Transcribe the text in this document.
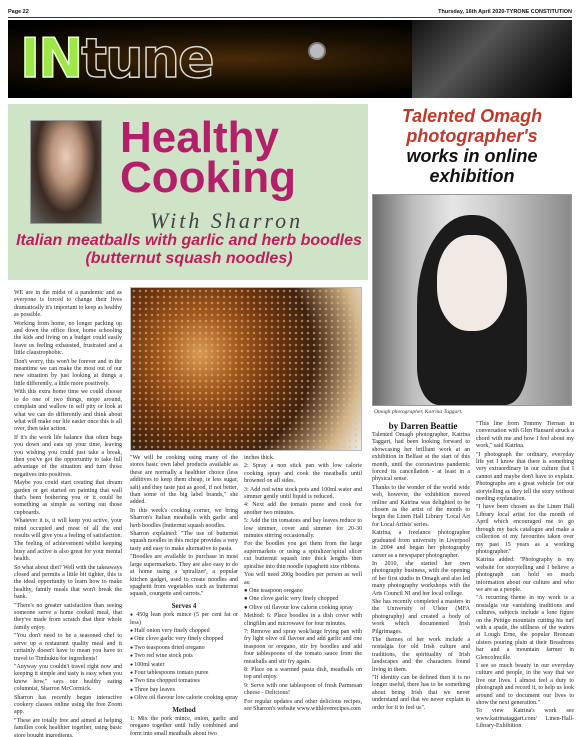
Page 22	Thursday, 16th April 2020-TYRONE CONSTITUTION
INtune
Healthy
Cooking
With Sharron
Italian meatballs with garlic and herb boodles (butternut squash noodles)

WE are in the midst of a pandemic and as everyone is forced to change their lives dramatically it's important to keep as healthy as possible.

Working from home, no longer packing up and down the office floor, home schooling the kids and living on a budget could easily leave us feeling exhausted, frustrated and a little claustrophobic.

Don't worry, this won't be forever and in the meantime we can make the most out of our new situation by just looking at things a little differently, a little more positively.

With this extra home time we could choose to do one of two things, mope around, complain and wallow in self pity or look at what we can do differently and think about what will make our life easier once this is all over, then take action.

If it's the work life balance that often bugs you down and eats up your time, leaving you wishing you could just take a break, then you've got the opportunity to take full advantage of the situation and turn those negatives into positives.

Maybe you could start creating that dream garden or get started on painting that wall that's been bothering you or it could be something as simple as sorting out those cupboards.

Whatever it is, it will keep you active, your mind occupied and most of all the end results will give you a feeling of satisfaction.

The feeling of achievement whilst keeping busy and active is also great for your mental health.

So what about diet? Well with the takeaways closed and permits a little bit tighter, this is the ideal opportunity to learn how to make healthy, family meals that won't break the bank.

"There's no greater satisfaction than seeing someone serve a home cooked meal, that they've made from scratch that their whole family enjoy.

"You don't need to be a seasoned chef to serve up a restaurant quality meal and it certainly doesn't have to mean you have to travel to Timbuktu for ingredients!

"Anyway you couldn't travel right now and keeping it simple and tasty is easy when you know how," says our healthy eating columnist, Sharron McCormick.

Sharron has recently begun interactive cookery classes online using the free Zoom app.

"These are totally free and aimed at helping families cook healthier together, using basic store bought ingredients.

"We will be cooking using many of the stores basic own label products available as these are normally a healthier choice (less additives to keep them cheap, ie less sugar, salt) and they taste just as good, if not better, than some of the big label brands," she added.

In this week's cooking corner, we bring Sharron's Italian meatballs with garlic and herb boodles (butternut squash noodles.

Sharron explained: "The use of butternut squash noodles in this recipe provides a very tasty and easy to make alternative to pasta.

"Boodles are available to purchase in most large supermarkets. They are also easy to do at home using a 'spiralizer', a popular kitchen gadget, used to create noodles and spaghetti from vegetables such as butternut squash, courgette and carrots."

Serves 4

● 450g lean pork mince (5 per cent fat or less)

● Half onion very finely chopped

● One clove garlic very finely chopped

● Two teaspoons dried oregano

● Two red wine stock pots

● 100ml water

● Four tablespoons tomato puree

● Two tins chopped tomatoes

● Three bay leaves

● Olive oil flavour low calorie cooking spray

Method

1: Mix the pork mince, onion, garlic and oregano together until fully combined and form into small meatballs about two

inches thick.

2: Spray a non stick pan with low calorie cooking spray and cook the meatballs until browned on all sides.

3: Add red wine stock pots and 100ml water and simmer gently until liquid is reduced.

4: Next add the tomato puree and cook for another two minutes.

5: Add the tin tomatoes and bay leaves reduce to low simmer, cover and simmer for 20-30 minutes stirring occasionally.

For the boodles you get them from the large supermarkets or using a spiralizer/spiral slicer cut butternut squash into thick lengths then spiralise into thin noodle (spaghetti size ribbons.

You will need 200g boodles per person as well as:

● One teaspoon oregano

● One clove garlic very finely chopped

● Olive oil flavour low calorie cooking spray

Method: 6: Place boodles in a dish cover with clingfilm and microwave for four minutes.

7: Remove and spray wok/large frying pan with fry light olive oil flavour and add garlic and one teaspoon or oregano, stir fry boodles and add four tablespoons of the tomato sauce from the meatballs and stir fry again.

8: Place on a warmed pasta dish, meatballs on top and enjoy.

9: Serve with one tablespoon of fresh Parmesan cheese - Delicious!

For regular updates and other delicious recipes, see Sharron's website www.withloverecipes.com

Talented Omagh photographer's
works in online exhibition
Omagh photographer, Katrina Taggart.
by Darren Beattie

Talented Omagh photographer, Katrina Taggart, had been looking forward to showcasing her brilliant work at an exhibition in Belfast at the start of this month, until the coronavirus pandemic forced its cancellation - at least in a physical sense.

Thanks to the wonder of the world wide web, however, the exhibition moved online and Katrina was delighted to be chosen as the artist of the month to begin the Linen Hall Library 'Local Art for Local Artists' series.

Katrina, a freelance photographer graduated from university in Liverpool in 2004 and began her photography career as a newspaper photographer.

In 2010, she started her own photography business, with the opening of her first studio in Omagh and also led many photography workshops with the Arts Council NI and her local college.

She has recently completed a masters in the University of Ulster (MFA photography) and created a body of work which documented Irish Pilgrimages.

The themes of her work include a nostalgia for old Irish culture and traditions, the spirituality of Irish landscapes and the characters found living in them.

"If identity can be defined then it is no longer useful, there has to be something about being Irish that we never understand and that we never explain in order for it to feel us".

"This line from Tommy Tiernan in conversation with Glen Hansard struck a chord with me and how I feel about my work," said Katrina.

"I photograph the ordinary, everyday life yet I know that there is something very extraordinary in our culture that I cannot and maybe don't have to explain. Photographs are a great vehicle for our storytelling as they tell the story without needing explanation.

"I have been chosen as the Linen Hall Library local artist for the month of April which encouraged me to go through my back catalogue and make a collection of my favourites taken over my past 15 years as a working photographer."

Katrina added: "Photography is my website for storytelling and I believe a photograph can hold so much information about our culture and who we are as a people.

"A recurring theme in my work is a nostalgia our vanishing traditions and cultures, subjects include a lone figure on the Pettigo mountain cutting his turf with a spade, the stillness of the waters at Lough Erne, the popular Bronzan ulsters pouring plain at their Breadrons bar and a mountain farmer in Glencolmcille.

I see so much beauty in our everyday culture and people, in the way that we live our lives. I almost feel a duty to photograph and record it, to help us look around and to document our lives to show the next generation."

To view Katrina's work see www.katrinataggart.com/ Linen-Hall-Library-Exhibition
